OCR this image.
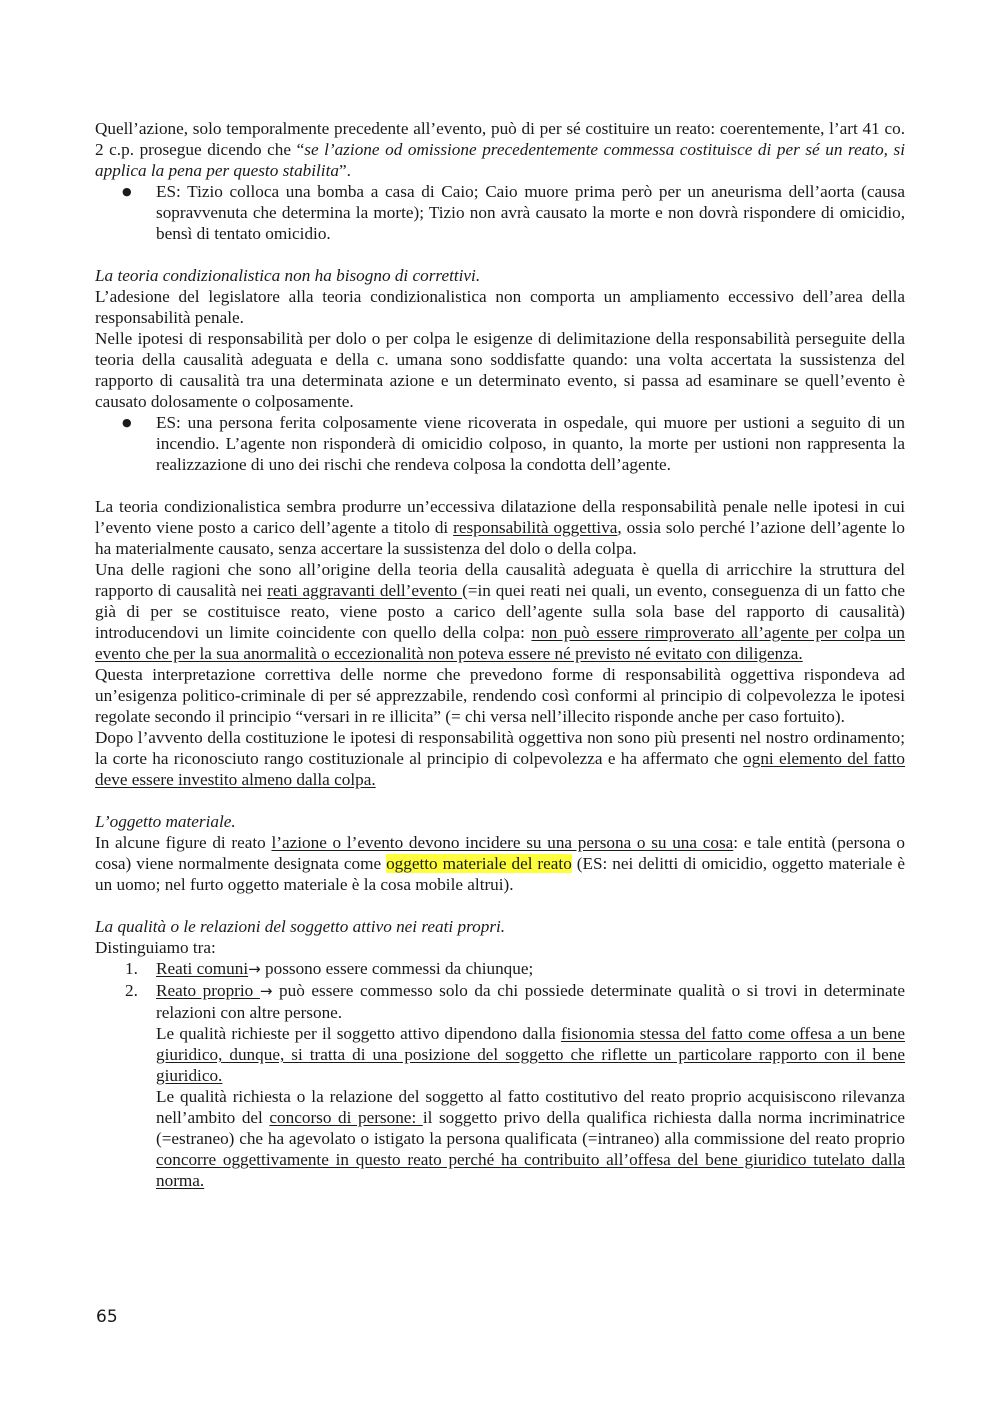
Quell’azione, solo temporalmente precedente all’evento, può di per sé costituire un reato: coerentemente, l’art 41 co. 2 c.p. prosegue dicendo che “se l’azione od omissione precedentemente commessa costituisce di per sé un reato, si applica la pena per questo stabilita”.

● ES: Tizio colloca una bomba a casa di Caio; Caio muore prima però per un aneurisma dell’aorta (causa sopravvenuta che determina la morte); Tizio non avrà causato la morte e non dovrà rispondere di omicidio, bensì di tentato omicidio.

La teoria condizionalistica non ha bisogno di correttivi.

L’adesione del legislatore alla teoria condizionalistica non comporta un ampliamento eccessivo dell’area della responsabilità penale.

Nelle ipotesi di responsabilità per dolo o per colpa le esigenze di delimitazione della responsabilità perseguite della teoria della causalità adeguata e della c. umana sono soddisfatte quando: una volta accertata la sussistenza del rapporto di causalità tra una determinata azione e un determinato evento, si passa ad esaminare se quell’evento è causato dolosamente o colposamente.

● ES: una persona ferita colposamente viene ricoverata in ospedale, qui muore per ustioni a seguito di un incendio. L’agente non risponderà di omicidio colposo, in quanto, la morte per ustioni non rappresenta la realizzazione di uno dei rischi che rendeva colposa la condotta dell’agente.

La teoria condizionalistica sembra produrre un’eccessiva dilatazione della responsabilità penale nelle ipotesi in cui l’evento viene posto a carico dell’agente a titolo di responsabilità oggettiva, ossia solo perché l’azione dell’agente lo ha materialmente causato, senza accertare la sussistenza del dolo o della colpa.

Una delle ragioni che sono all’origine della teoria della causalità adeguata è quella di arricchire la struttura del rapporto di causalità nei reati aggravanti dell’evento (=in quei reati nei quali, un evento, conseguenza di un fatto che già di per se costituisce reato, viene posto a carico dell’agente sulla sola base del rapporto di causalità) introducendovi un limite coincidente con quello della colpa: non può essere rimproverato all’agente per colpa un evento che per la sua anormalità o eccezionalità non poteva essere né previsto né evitato con diligenza.

Questa interpretazione correttiva delle norme che prevedono forme di responsabilità oggettiva rispondeva ad un’esigenza politico-criminale di per sé apprezzabile, rendendo così conformi al principio di colpevolezza le ipotesi regolate secondo il principio “versari in re illicita” (= chi versa nell’illecito risponde anche per caso fortuito).

Dopo l’avvento della costituzione le ipotesi di responsabilità oggettiva non sono più presenti nel nostro ordinamento; la corte ha riconosciuto rango costituzionale al principio di colpevolezza e ha affermato che ogni elemento del fatto deve essere investito almeno dalla colpa.

L’oggetto materiale.

In alcune figure di reato l’azione o l’evento devono incidere su una persona o su una cosa: e tale entità (persona o cosa) viene normalmente designata come oggetto materiale del reato (ES: nei delitti di omicidio, oggetto materiale è un uomo; nel furto oggetto materiale è la cosa mobile altrui).

La qualità o le relazioni del soggetto attivo nei reati propri.

Distinguiamo tra:

1. Reati comuni→ possono essere commessi da chiunque;
2. Reato proprio → può essere commesso solo da chi possiede determinate qualità o si trovi in determinate relazioni con altre persone.

Le qualità richieste per il soggetto attivo dipendono dalla fisionomia stessa del fatto come offesa a un bene giuridico, dunque, si tratta di una posizione del soggetto che riflette un particolare rapporto con il bene giuridico.

Le qualità richiesta o la relazione del soggetto al fatto costitutivo del reato proprio acquisiscono rilevanza nell’ambito del concorso di persone: il soggetto privo della qualifica richiesta dalla norma incriminatrice (=estraneo) che ha agevolato o istigato la persona qualificata (=intraneo) alla commissione del reato proprio concorre oggettivamente in questo reato perché ha contribuito all’offesa del bene giuridico tutelato dalla norma.

65
